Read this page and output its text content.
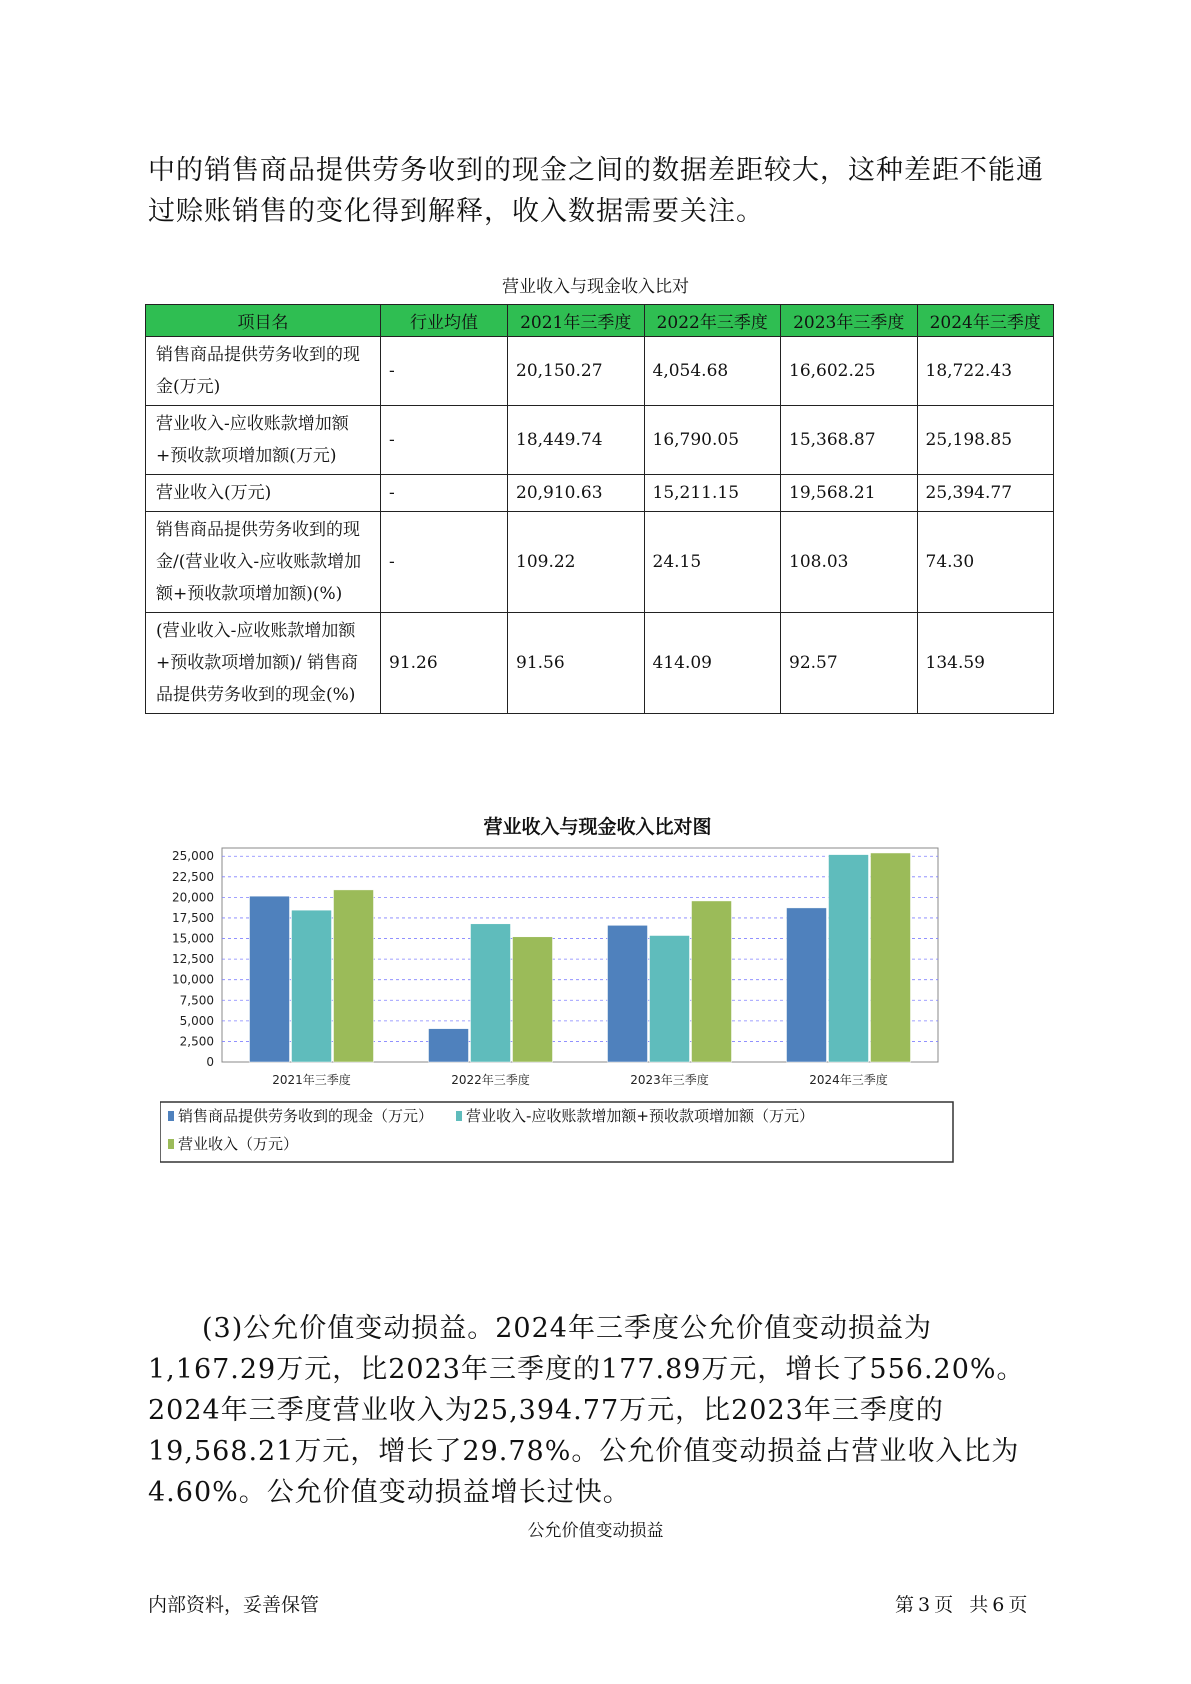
中的销售商品提供劳务收到的现金之间的数据差距较大，这种差距不能通

过赊账销售的变化得到解释，收入数据需要关注。

营业收入与现金收入比对
项目名	行业均值	2021年三季度	2022年三季度	2023年三季度	2024年三季度
销售商品提供劳务收到的现金(万元)	-	20,150.27	4,054.68	16,602.25	18,722.43
营业收入-应收账款增加额+预收款项增加额(万元)	-	18,449.74	16,790.05	15,368.87	25,198.85
营业收入(万元)	-	20,910.63	15,211.15	19,568.21	25,394.77
销售商品提供劳务收到的现金/(营业收入-应收账款增加额+预收款项增加额)(%)	-	109.22	24.15	108.03	74.30
(营业收入-应收账款增加额+预收款项增加额)/ 销售商品提供劳务收到的现金(%)	91.26	91.56	414.09	92.57	134.59
营业收入与现金收入比对图
0
2,500
5,000
7,500
10,000
12,500
15,000
17,500
20,000
22,500
25,000
2021年三季度	2022年三季度	2023年三季度	2024年三季度
销售商品提供劳务收到的现金（万元） 营业收入-应收账款增加额+预收款项增加额（万元）
营业收入（万元）
(3)公允价值变动损益。2024年三季度公允价值变动损益为1,167.29万元，比2023年三季度的177.89万元，增长了556.20%。2024年三季度营业收入为25,394.77万元，比2023年三季度的19,568.21万元，增长了29.78%。公允价值变动损益占营业收入比为4.60%。公允价值变动损益增长过快。
公允价值变动损益
内部资料，妥善保管	第 3 页 共 6 页
